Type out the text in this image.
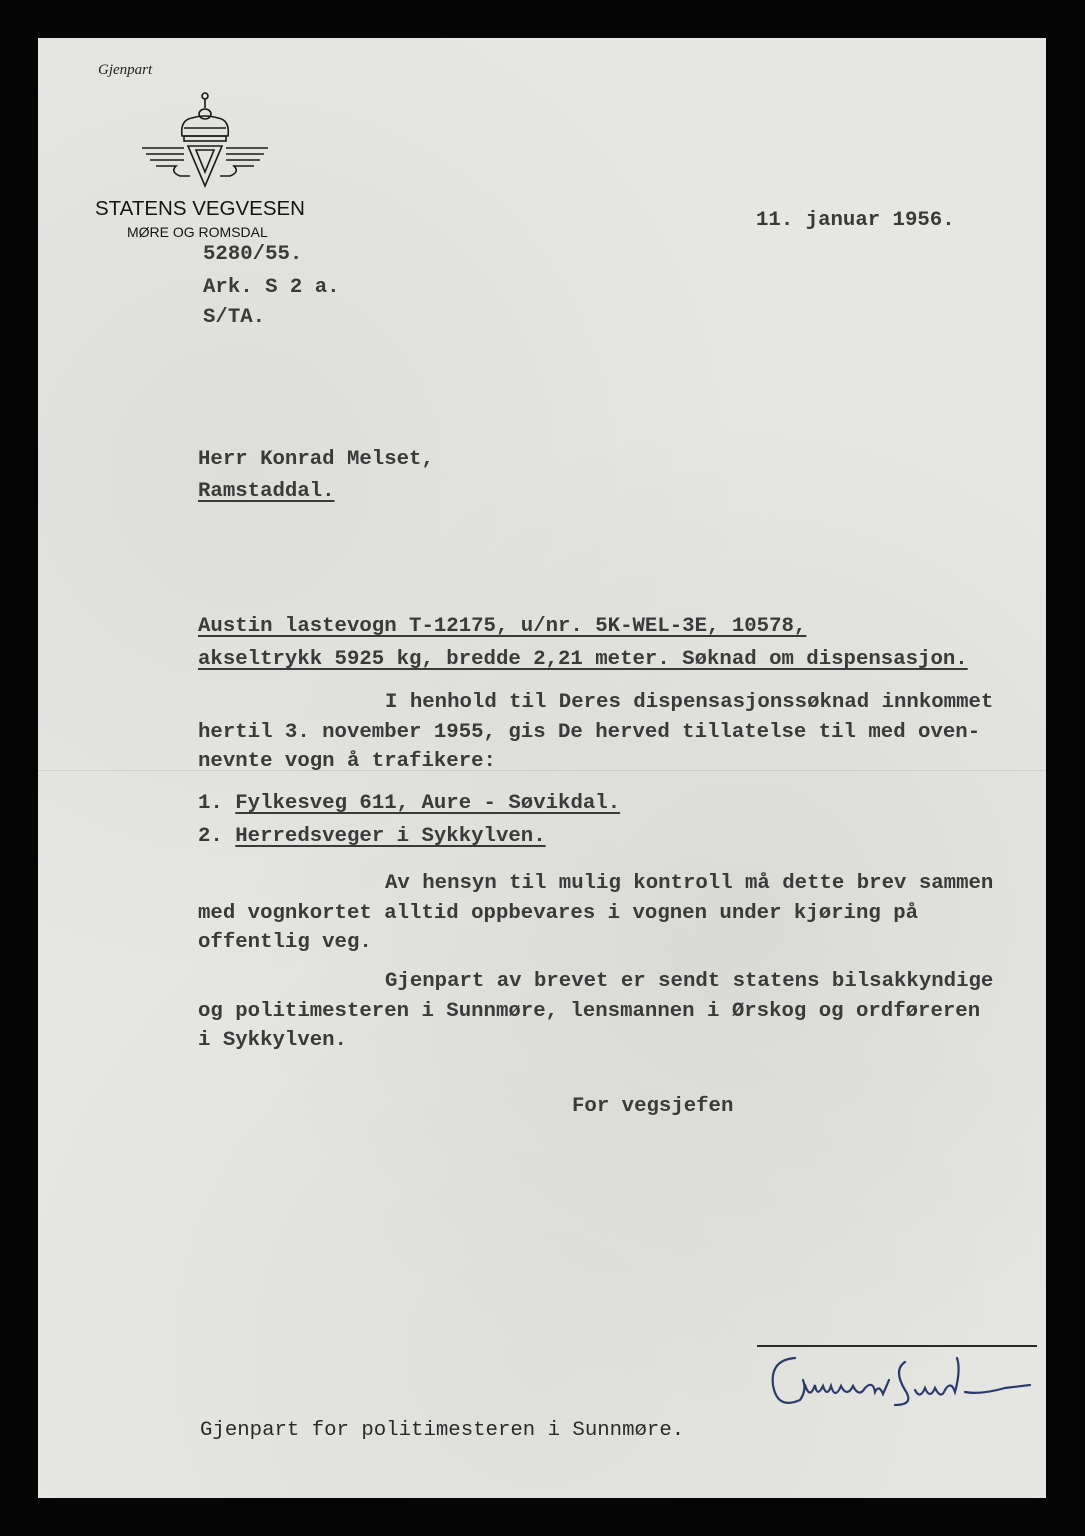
Gjenpart
STATENS VEGVESEN
MØRE OG ROMSDAL
5280/55.
Ark. S 2 a.
S/TA.
11. januar 1956.
Herr Konrad Melset,
Ramstaddal.
Austin lastevogn T-12175, u/nr. 5K-WEL-3E, 10578,
akseltrykk 5925 kg, bredde 2,21 meter. Søknad om dispensasjon.
I henhold til Deres dispensasjonssøknad innkommet
hertil 3. november 1955, gis De herved tillatelse til med oven-
nevnte vogn å trafikere:
1. Fylkesveg 611, Aure - Søvikdal.
2. Herredsveger i Sykkylven.
Av hensyn til mulig kontroll må dette brev sammen
med vognkortet alltid oppbevares i vognen under kjøring på
offentlig veg.
Gjenpart av brevet er sendt statens bilsakkyndige
og politimesteren i Sunnmøre, lensmannen i Ørskog og ordføreren
i Sykkylven.
For vegsjefen
Gjenpart for politimesteren i Sunnmøre.
